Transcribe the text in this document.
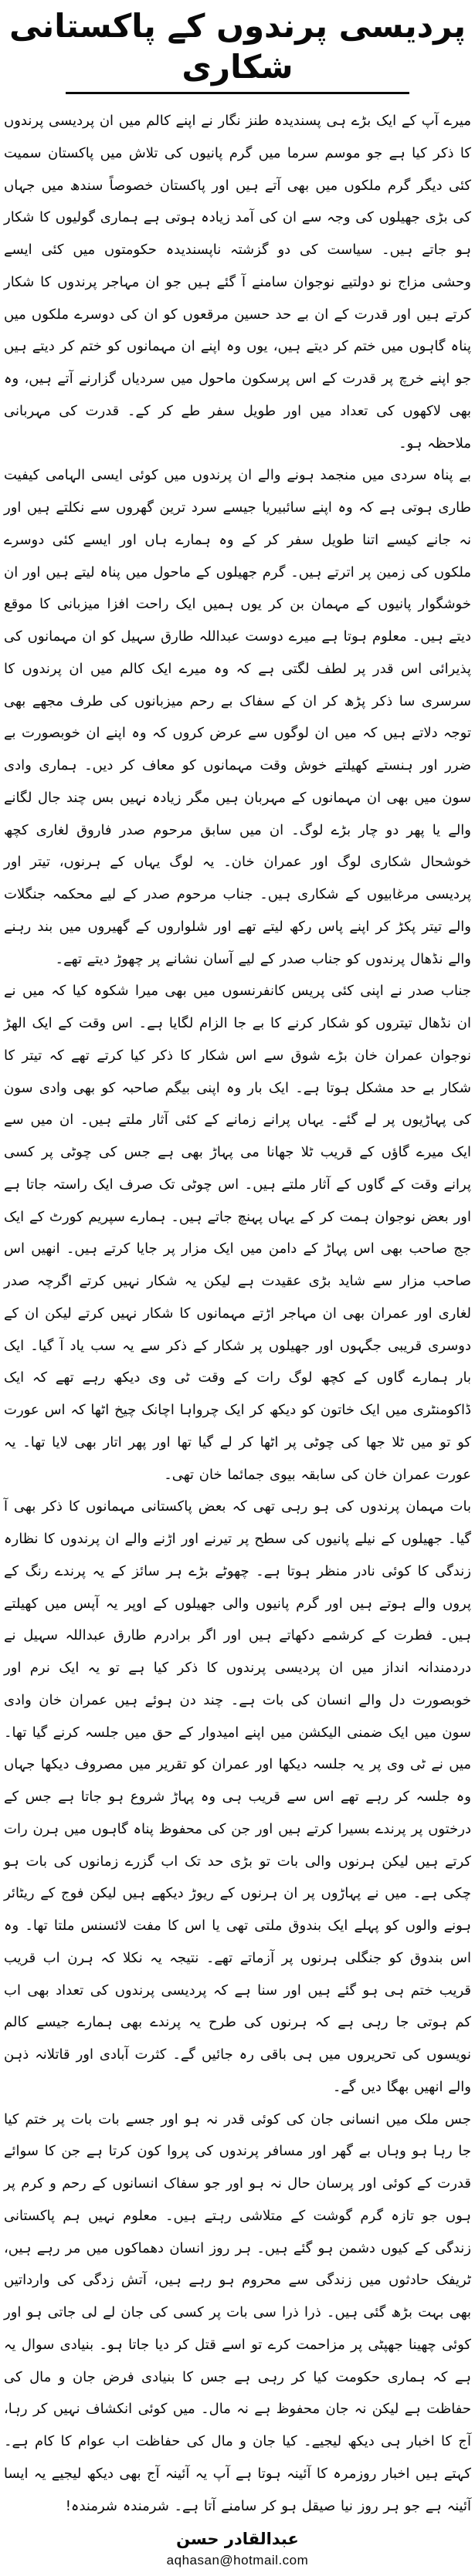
پردیسی پرندوں کے پاکستانی شکاری

میرے آپ کے ایک بڑے ہی پسندیدہ طنز نگار نے اپنے کالم میں ان پردیسی پرندوں کا ذکر کیا ہے جو موسم سرما میں گرم پانیوں کی تلاش میں پاکستان سمیت کئی دیگر گرم ملکوں میں بھی آتے ہیں اور پاکستان خصوصاً سندھ میں جہاں کی بڑی جھیلوں کی وجہ سے ان کی آمد زیادہ ہوتی ہے ہماری گولیوں کا شکار ہو جاتے ہیں۔ سیاست کی دو گزشتہ ناپسندیدہ حکومتوں میں کئی ایسے وحشی مزاج نو دولتیے نوجوان سامنے آ گئے ہیں جو ان مہاجر پرندوں کا شکار کرتے ہیں اور قدرت کے ان بے حد حسین مرقعوں کو ان کی دوسرے ملکوں میں پناہ گاہوں میں ختم کر دیتے ہیں، یوں وہ اپنے ان مہمانوں کو ختم کر دیتے ہیں جو اپنے خرچ پر قدرت کے اس پرسکون ماحول میں سردیاں گزارنے آتے ہیں، وہ بھی لاکھوں کی تعداد میں اور طویل سفر طے کر کے۔ قدرت کی مہربانی ملاحظہ ہو۔

بے پناہ سردی میں منجمد ہونے والے ان پرندوں میں کوئی ایسی الہامی کیفیت طاری ہوتی ہے کہ وہ اپنے سائبیریا جیسے سرد ترین گھروں سے نکلتے ہیں اور نہ جانے کیسے اتنا طویل سفر کر کے وہ ہمارے ہاں اور ایسے کئی دوسرے ملکوں کی زمین پر اترتے ہیں۔ گرم جھیلوں کے ماحول میں پناہ لیتے ہیں اور ان خوشگوار پانیوں کے مہمان بن کر یوں ہمیں ایک راحت افزا میزبانی کا موقع دیتے ہیں۔ معلوم ہوتا ہے میرے دوست عبداللہ طارق سہیل کو ان مہمانوں کی پذیرائی اس قدر پر لطف لگتی ہے کہ وہ میرے ایک کالم میں ان پرندوں کا سرسری سا ذکر پڑھ کر ان کے سفاک بے رحم میزبانوں کی طرف مجھے بھی توجہ دلاتے ہیں کہ میں ان لوگوں سے عرض کروں کہ وہ اپنے ان خوبصورت بے ضرر اور ہنستے کھیلتے خوش وقت مہمانوں کو معاف کر دیں۔ ہماری وادی سون میں بھی ان مہمانوں کے مہربان ہیں مگر زیادہ نہیں بس چند جال لگانے والے یا پھر دو چار بڑے لوگ۔ ان میں سابق مرحوم صدر فاروق لغاری کچھ خوشحال شکاری لوگ اور عمران خان۔ یہ لوگ یہاں کے ہرنوں، تیتر اور پردیسی مرغابیوں کے شکاری ہیں۔ جناب مرحوم صدر کے لیے محکمہ جنگلات والے تیتر پکڑ کر اپنے پاس رکھ لیتے تھے اور شلواروں کے گھیروں میں بند رہنے والے نڈھال پرندوں کو جناب صدر کے لیے آسان نشانے پر چھوڑ دیتے تھے۔

جناب صدر نے اپنی کئی پریس کانفرنسوں میں بھی میرا شکوہ کیا کہ میں نے ان نڈھال تیتروں کو شکار کرنے کا بے جا الزام لگایا ہے۔ اس وقت کے ایک الھڑ نوجوان عمران خان بڑے شوق سے اس شکار کا ذکر کیا کرتے تھے کہ تیتر کا شکار بے حد مشکل ہوتا ہے۔ ایک بار وہ اپنی بیگم صاحبہ کو بھی وادی سون کی پہاڑیوں پر لے گئے۔ یہاں پرانے زمانے کے کئی آثار ملتے ہیں۔ ان میں سے ایک میرے گاؤں کے قریب ٹلا جھانا می پہاڑ بھی ہے جس کی چوٹی پر کسی پرانے وقت کے گاوں کے آثار ملتے ہیں۔ اس چوٹی تک صرف ایک راستہ جاتا ہے اور بعض نوجوان ہمت کر کے یہاں پہنچ جاتے ہیں۔ ہمارے سپریم کورٹ کے ایک جج صاحب بھی اس پہاڑ کے دامن میں ایک مزار پر جایا کرتے ہیں۔ انھیں اس صاحب مزار سے شاید بڑی عقیدت ہے لیکن یہ شکار نہیں کرتے اگرچہ صدر لغاری اور عمران بھی ان مہاجر اڑتے مہمانوں کا شکار نہیں کرتے لیکن ان کے دوسری قریبی جگہوں اور جھیلوں پر شکار کے ذکر سے یہ سب یاد آ گیا۔ ایک بار ہمارے گاوں کے کچھ لوگ رات کے وقت ٹی وی دیکھ رہے تھے کہ ایک ڈاکومنٹری میں ایک خاتون کو دیکھ کر ایک چرواہا اچانک چیخ اٹھا کہ اس عورت کو تو میں ٹلا جھا کی چوٹی پر اٹھا کر لے گیا تھا اور پھر اتار بھی لایا تھا۔ یہ عورت عمران خان کی سابقہ بیوی جمائما خان تھی۔

بات مہمان پرندوں کی ہو رہی تھی کہ بعض پاکستانی مہمانوں کا ذکر بھی آ گیا۔ جھیلوں کے نیلے پانیوں کی سطح پر تیرنے اور اڑنے والے ان پرندوں کا نظارہ زندگی کا کوئی نادر منظر ہوتا ہے۔ چھوٹے بڑے ہر سائز کے یہ پرندے رنگ کے پروں والے ہوتے ہیں اور گرم پانیوں والی جھیلوں کے اوپر یہ آپس میں کھیلتے ہیں۔ فطرت کے کرشمے دکھاتے ہیں اور اگر برادرم طارق عبداللہ سہیل نے دردمندانہ انداز میں ان پردیسی پرندوں کا ذکر کیا ہے تو یہ ایک نرم اور خوبصورت دل والے انسان کی بات ہے۔ چند دن ہوئے ہیں عمران خان وادی سون میں ایک ضمنی الیکشن میں اپنے امیدوار کے حق میں جلسہ کرنے گیا تھا۔ میں نے ٹی وی پر یہ جلسہ دیکھا اور عمران کو تقریر میں مصروف دیکھا جہاں وہ جلسہ کر رہے تھے اس سے قریب ہی وہ پہاڑ شروع ہو جاتا ہے جس کے درختوں پر پرندے بسیرا کرتے ہیں اور جن کی محفوظ پناہ گاہوں میں ہرن رات کرتے ہیں لیکن ہرنوں والی بات تو بڑی حد تک اب گزرے زمانوں کی بات ہو چکی ہے۔ میں نے پہاڑوں پر ان ہرنوں کے ریوڑ دیکھے ہیں لیکن فوج کے ریٹائر ہونے والوں کو پہلے ایک بندوق ملتی تھی یا اس کا مفت لائسنس ملتا تھا۔ وہ اس بندوق کو جنگلی ہرنوں پر آزماتے تھے۔ نتیجہ یہ نکلا کہ ہرن اب قریب قریب ختم ہی ہو گئے ہیں اور سنا ہے کہ پردیسی پرندوں کی تعداد بھی اب کم ہوتی جا رہی ہے کہ ہرنوں کی طرح یہ پرندے بھی ہمارے جیسے کالم نویسوں کی تحریروں میں ہی باقی رہ جائیں گے۔ کثرت آبادی اور قاتلانہ ذہن والے انھیں بھگا دیں گے۔

جس ملک میں انسانی جان کی کوئی قدر نہ ہو اور جسے بات بات پر ختم کیا جا رہا ہو وہاں بے گھر اور مسافر پرندوں کی پروا کون کرتا ہے جن کا سوائے قدرت کے کوئی اور پرسان حال نہ ہو اور جو سفاک انسانوں کے رحم و کرم پر ہوں جو تازہ گرم گوشت کے متلاشی رہتے ہیں۔ معلوم نہیں ہم پاکستانی زندگی کے کیوں دشمن ہو گئے ہیں۔ ہر روز انسان دھماکوں میں مر رہے ہیں، ٹریفک حادثوں میں زندگی سے محروم ہو رہے ہیں، آتش زدگی کی وارداتیں بھی بہت بڑھ گئی ہیں۔ ذرا ذرا سی بات پر کسی کی جان لے لی جاتی ہو اور کوئی چھینا جھپٹی پر مزاحمت کرے تو اسے قتل کر دیا جاتا ہو۔ بنیادی سوال یہ ہے کہ ہماری حکومت کیا کر رہی ہے جس کا بنیادی فرض جان و مال کی حفاظت ہے لیکن نہ جان محفوظ ہے نہ مال۔ میں کوئی انکشاف نہیں کر رہا، آج کا اخبار ہی دیکھ لیجیے۔ کیا جان و مال کی حفاظت اب عوام کا کام ہے۔ کہتے ہیں اخبار روزمرہ کا آئینہ ہوتا ہے آپ یہ آئینہ آج بھی دیکھ لیجیے یہ ایسا آئینہ ہے جو ہر روز نیا صیقل ہو کر سامنے آتا ہے۔ شرمندہ شرمندہ!

عبدالقادر حسن
aqhasan@hotmail.com
